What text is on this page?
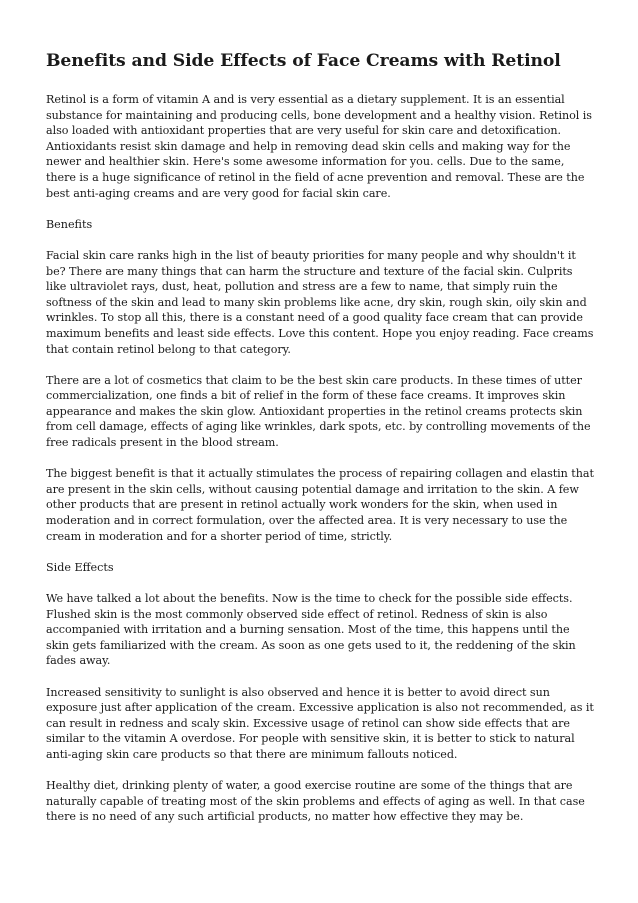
Benefits and Side Effects of Face Creams with Retinol

Retinol is a form of vitamin A and is very essential as a dietary supplement. It is an essential substance for maintaining and producing cells, bone development and a healthy vision. Retinol is also loaded with antioxidant properties that are very useful for skin care and detoxification. Antioxidants resist skin damage and help in removing dead skin cells and making way for the newer and healthier skin. Here's some awesome information for you. cells. Due to the same, there is a huge significance of retinol in the field of acne prevention and removal. These are the best anti-aging creams and are very good for facial skin care.

Benefits

Facial skin care ranks high in the list of beauty priorities for many people and why shouldn't it be? There are many things that can harm the structure and texture of the facial skin. Culprits like ultraviolet rays, dust, heat, pollution and stress are a few to name, that simply ruin the softness of the skin and lead to many skin problems like acne, dry skin, rough skin, oily skin and wrinkles. To stop all this, there is a constant need of a good quality face cream that can provide maximum benefits and least side effects. Love this content. Hope you enjoy reading. Face creams that contain retinol belong to that category.

There are a lot of cosmetics that claim to be the best skin care products. In these times of utter commercialization, one finds a bit of relief in the form of these face creams. It improves skin appearance and makes the skin glow. Antioxidant properties in the retinol creams protects skin from cell damage, effects of aging like wrinkles, dark spots, etc. by controlling movements of the free radicals present in the blood stream.

The biggest benefit is that it actually stimulates the process of repairing collagen and elastin that are present in the skin cells, without causing potential damage and irritation to the skin. A few other products that are present in retinol actually work wonders for the skin, when used in moderation and in correct formulation, over the affected area. It is very necessary to use the cream in moderation and for a shorter period of time, strictly.

Side Effects

We have talked a lot about the benefits. Now is the time to check for the possible side effects. Flushed skin is the most commonly observed side effect of retinol. Redness of skin is also accompanied with irritation and a burning sensation. Most of the time, this happens until the skin gets familiarized with the cream. As soon as one gets used to it, the reddening of the skin fades away.

Increased sensitivity to sunlight is also observed and hence it is better to avoid direct sun exposure just after application of the cream. Excessive application is also not recommended, as it can result in redness and scaly skin. Excessive usage of retinol can show side effects that are similar to the vitamin A overdose. For people with sensitive skin, it is better to stick to natural anti-aging skin care products so that there are minimum fallouts noticed.

Healthy diet, drinking plenty of water, a good exercise routine are some of the things that are naturally capable of treating most of the skin problems and effects of aging as well. In that case there is no need of any such artificial products, no matter how effective they may be.
